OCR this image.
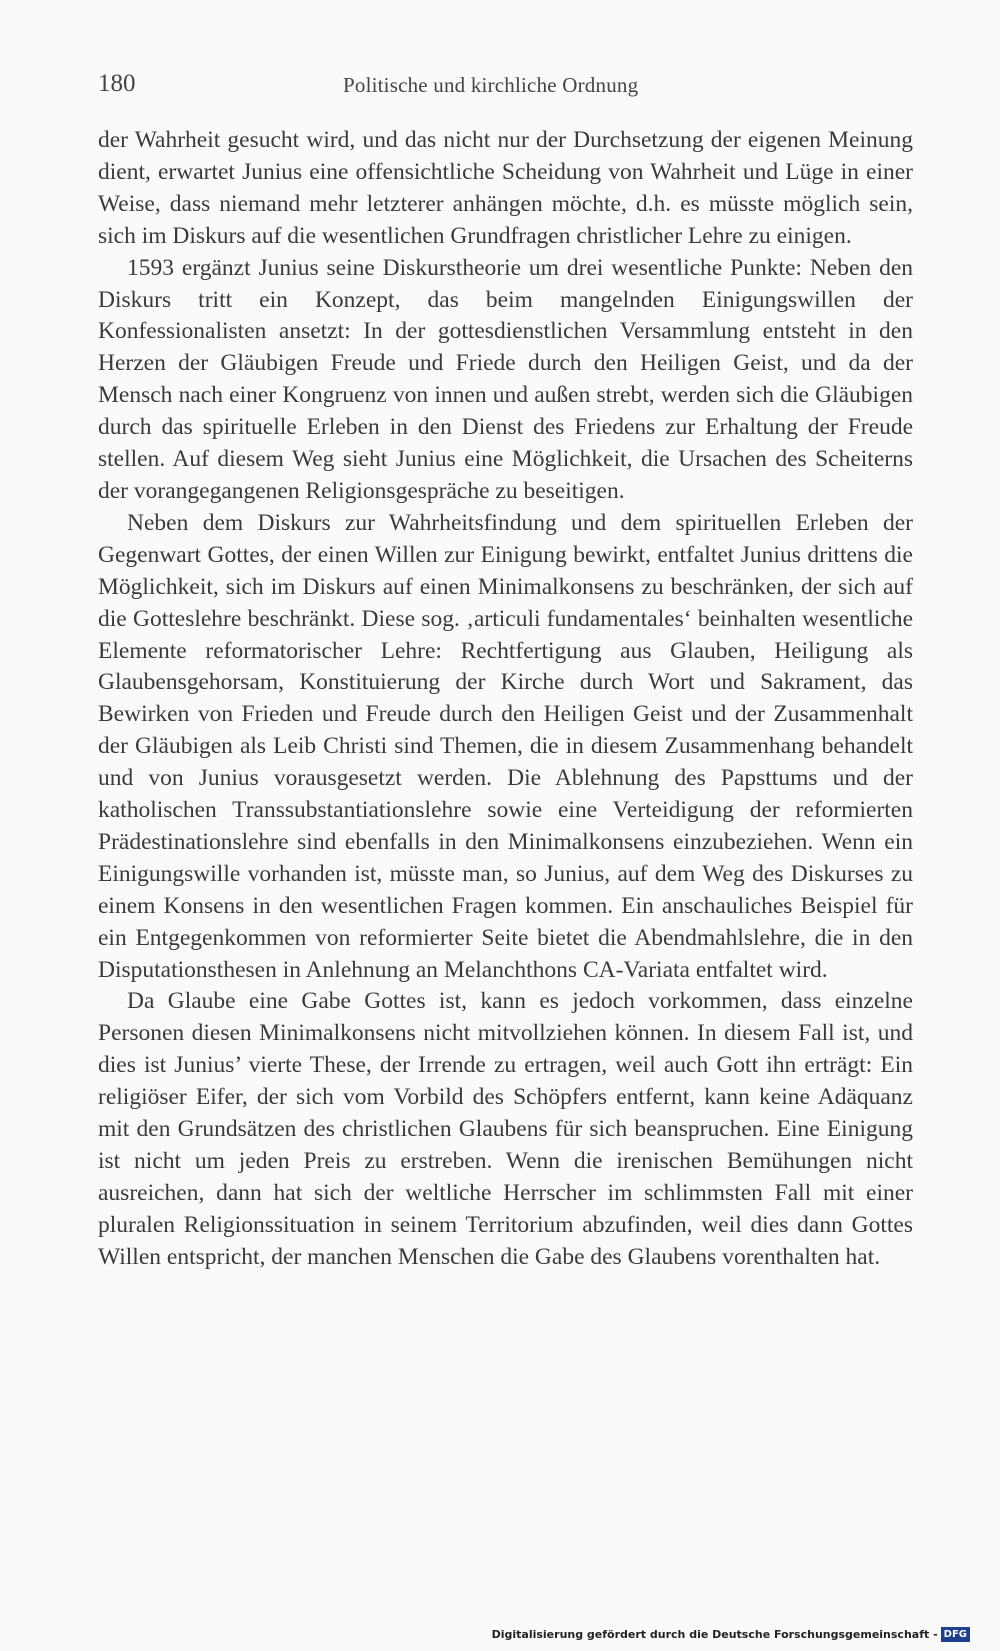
180	Politische und kirchliche Ordnung

der Wahrheit gesucht wird, und das nicht nur der Durchsetzung der eigenen Meinung dient, erwartet Junius eine offensichtliche Scheidung von Wahrheit und Lüge in einer Weise, dass niemand mehr letzterer anhängen möchte, d.h. es müsste möglich sein, sich im Diskurs auf die wesentlichen Grundfragen christlicher Lehre zu einigen.

1593 ergänzt Junius seine Diskurstheorie um drei wesentliche Punkte: Neben den Diskurs tritt ein Konzept, das beim mangelnden Einigungswillen der Konfessionalisten ansetzt: In der gottesdienstlichen Versammlung entsteht in den Herzen der Gläubigen Freude und Friede durch den Heiligen Geist, und da der Mensch nach einer Kongruenz von innen und außen strebt, werden sich die Gläubigen durch das spirituelle Erleben in den Dienst des Friedens zur Erhaltung der Freude stellen. Auf diesem Weg sieht Junius eine Möglichkeit, die Ursachen des Scheiterns der vorangegangenen Religionsgespräche zu beseitigen.

Neben dem Diskurs zur Wahrheitsfindung und dem spirituellen Erleben der Gegenwart Gottes, der einen Willen zur Einigung bewirkt, entfaltet Junius drittens die Möglichkeit, sich im Diskurs auf einen Minimalkonsens zu beschränken, der sich auf die Gotteslehre beschränkt. Diese sog. ‚articuli fundamentales‘ beinhalten wesentliche Elemente reformatorischer Lehre: Rechtfertigung aus Glauben, Heiligung als Glaubensgehorsam, Konstituierung der Kirche durch Wort und Sakrament, das Bewirken von Frieden und Freude durch den Heiligen Geist und der Zusammenhalt der Gläubigen als Leib Christi sind Themen, die in diesem Zusammenhang behandelt und von Junius vorausgesetzt werden. Die Ablehnung des Papsttums und der katholischen Transsubstantiationslehre sowie eine Verteidigung der reformierten Prädestinationslehre sind ebenfalls in den Minimalkonsens einzubeziehen. Wenn ein Einigungswille vorhanden ist, müsste man, so Junius, auf dem Weg des Diskurses zu einem Konsens in den wesentlichen Fragen kommen. Ein anschauliches Beispiel für ein Entgegenkommen von reformierter Seite bietet die Abendmahlslehre, die in den Disputationsthesen in Anlehnung an Melanchthons CA-Variata entfaltet wird.

Da Glaube eine Gabe Gottes ist, kann es jedoch vorkommen, dass einzelne Personen diesen Minimalkonsens nicht mitvollziehen können. In diesem Fall ist, und dies ist Junius’ vierte These, der Irrende zu ertragen, weil auch Gott ihn erträgt: Ein religiöser Eifer, der sich vom Vorbild des Schöpfers entfernt, kann keine Adäquanz mit den Grundsätzen des christlichen Glaubens für sich beanspruchen. Eine Einigung ist nicht um jeden Preis zu erstreben. Wenn die irenischen Bemühungen nicht ausreichen, dann hat sich der weltliche Herrscher im schlimmsten Fall mit einer pluralen Religionssituation in seinem Territorium abzufinden, weil dies dann Gottes Willen entspricht, der manchen Menschen die Gabe des Glaubens vorenthalten hat.

Digitalisierung gefördert durch die Deutsche Forschungsgemeinschaft - DFG
